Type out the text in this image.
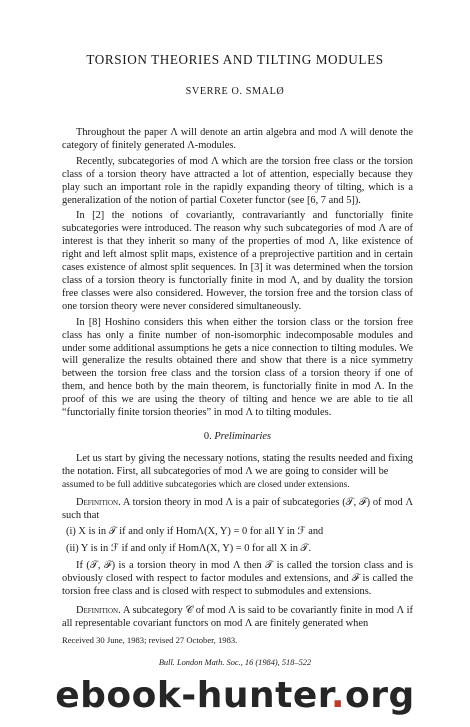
TORSION THEORIES AND TILTING MODULES
SVERRE O. SMALØ

Throughout the paper Λ will denote an artin algebra and mod Λ will denote the category of finitely generated Λ-modules.

Recently, subcategories of mod Λ which are the torsion free class or the torsion class of a torsion theory have attracted a lot of attention, especially because they play such an important role in the rapidly expanding theory of tilting, which is a generalization of the notion of partial Coxeter functor (see [6, 7 and 5]).

In [2] the notions of covariantly, contravariantly and functorially finite subcategories were introduced. The reason why such subcategories of mod Λ are of interest is that they inherit so many of the properties of mod Λ, like existence of right and left almost split maps, existence of a preprojective partition and in certain cases existence of almost split sequences. In [3] it was determined when the torsion class of a torsion theory is functorially finite in mod Λ, and by duality the torsion free classes were also considered. However, the torsion free and the torsion class of one torsion theory were never considered simultaneously.

In [8] Hoshino considers this when either the torsion class or the torsion free class has only a finite number of non-isomorphic indecomposable modules and under some additional assumptions he gets a nice connection to tilting modules. We will generalize the results obtained there and show that there is a nice symmetry between the torsion free class and the torsion class of a torsion theory if one of them, and hence both by the main theorem, is functorially finite in mod Λ. In the proof of this we are using the theory of tilting and hence we are able to tie all “functorially finite torsion theories” in mod Λ to tilting modules.

0. Preliminaries

Let us start by giving the necessary notions, stating the results needed and fixing the notation. First, all subcategories of mod Λ we are going to consider will be

assumed to be full additive subcategories which are closed under extensions.

Definition. A torsion theory in mod Λ is a pair of subcategories (𝒯, ℱ) of mod Λ such that

(i) X is in 𝒯 if and only if HomΛ(X, Y) = 0 for all Y in ℱ and

(ii) Y is in ℱ if and only if HomΛ(X, Y) = 0 for all X in 𝒯.

If (𝒯, ℱ) is a torsion theory in mod Λ then 𝒯 is called the torsion class and is obviously closed with respect to factor modules and extensions, and ℱ is called the torsion free class and is closed with respect to submodules and extensions.

Definition. A subcategory 𝒞 of mod Λ is said to be covariantly finite in mod Λ if all representable covariant functors on mod Λ are finitely generated when

Received 30 June, 1983; revised 27 October, 1983.
Bull. London Math. Soc., 16 (1984), 518–522
ebook-hunter.org
